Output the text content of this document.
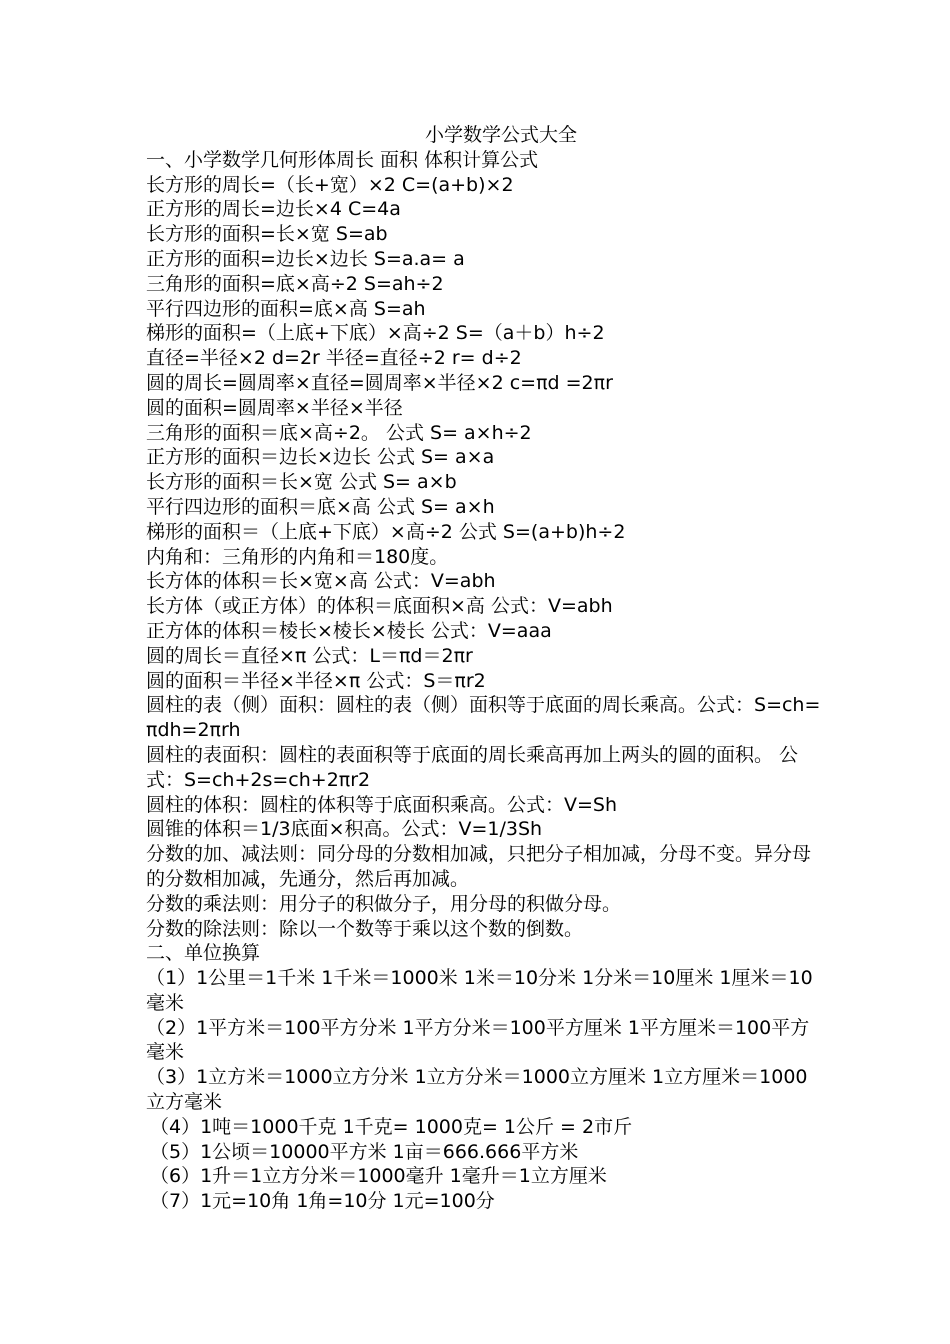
小学数学公式大全

一、小学数学几何形体周长 面积 体积计算公式

长方形的周长=（长+宽）×2 C=(a+b)×2

正方形的周长=边长×4 C=4a

长方形的面积=长×宽 S=ab

正方形的面积=边长×边长 S=a.a= a

三角形的面积=底×高÷2 S=ah÷2

平行四边形的面积=底×高 S=ah

梯形的面积=（上底+下底）×高÷2 S=（a＋b）h÷2

直径=半径×2 d=2r 半径=直径÷2 r= d÷2

圆的周长=圆周率×直径=圆周率×半径×2 c=πd =2πr

圆的面积=圆周率×半径×半径

三角形的面积＝底×高÷2。 公式 S= a×h÷2

正方形的面积＝边长×边长 公式 S= a×a

长方形的面积＝长×宽 公式 S= a×b

平行四边形的面积＝底×高 公式 S= a×h

梯形的面积＝（上底+下底）×高÷2 公式 S=(a+b)h÷2

内角和：三角形的内角和＝180度。

长方体的体积＝长×宽×高 公式：V=abh

长方体（或正方体）的体积＝底面积×高 公式：V=abh

正方体的体积＝棱长×棱长×棱长 公式：V=aaa

圆的周长＝直径×π 公式：L＝πd＝2πr

圆的面积＝半径×半径×π 公式：S＝πr2

圆柱的表（侧）面积：圆柱的表（侧）面积等于底面的周长乘高。公式：S=ch=πdh=2πrh

圆柱的表面积：圆柱的表面积等于底面的周长乘高再加上两头的圆的面积。 公式：S=ch+2s=ch+2πr2

圆柱的体积：圆柱的体积等于底面积乘高。公式：V=Sh

圆锥的体积＝1/3底面×积高。公式：V=1/3Sh

分数的加、减法则：同分母的分数相加减，只把分子相加减，分母不变。异分母的分数相加减，先通分，然后再加减。

分数的乘法则：用分子的积做分子，用分母的积做分母。

分数的除法则：除以一个数等于乘以这个数的倒数。

二、单位换算

（1）1公里＝1千米 1千米＝1000米 1米＝10分米 1分米＝10厘米 1厘米＝10毫米

（2）1平方米＝100平方分米 1平方分米＝100平方厘米 1平方厘米＝100平方毫米

（3）1立方米＝1000立方分米 1立方分米＝1000立方厘米 1立方厘米＝1000立方毫米

（4）1吨＝1000千克 1千克= 1000克= 1公斤 = 2市斤

（5）1公顷＝10000平方米 1亩＝666.666平方米

（6）1升＝1立方分米＝1000毫升 1毫升＝1立方厘米

（7）1元=10角 1角=10分 1元=100分
